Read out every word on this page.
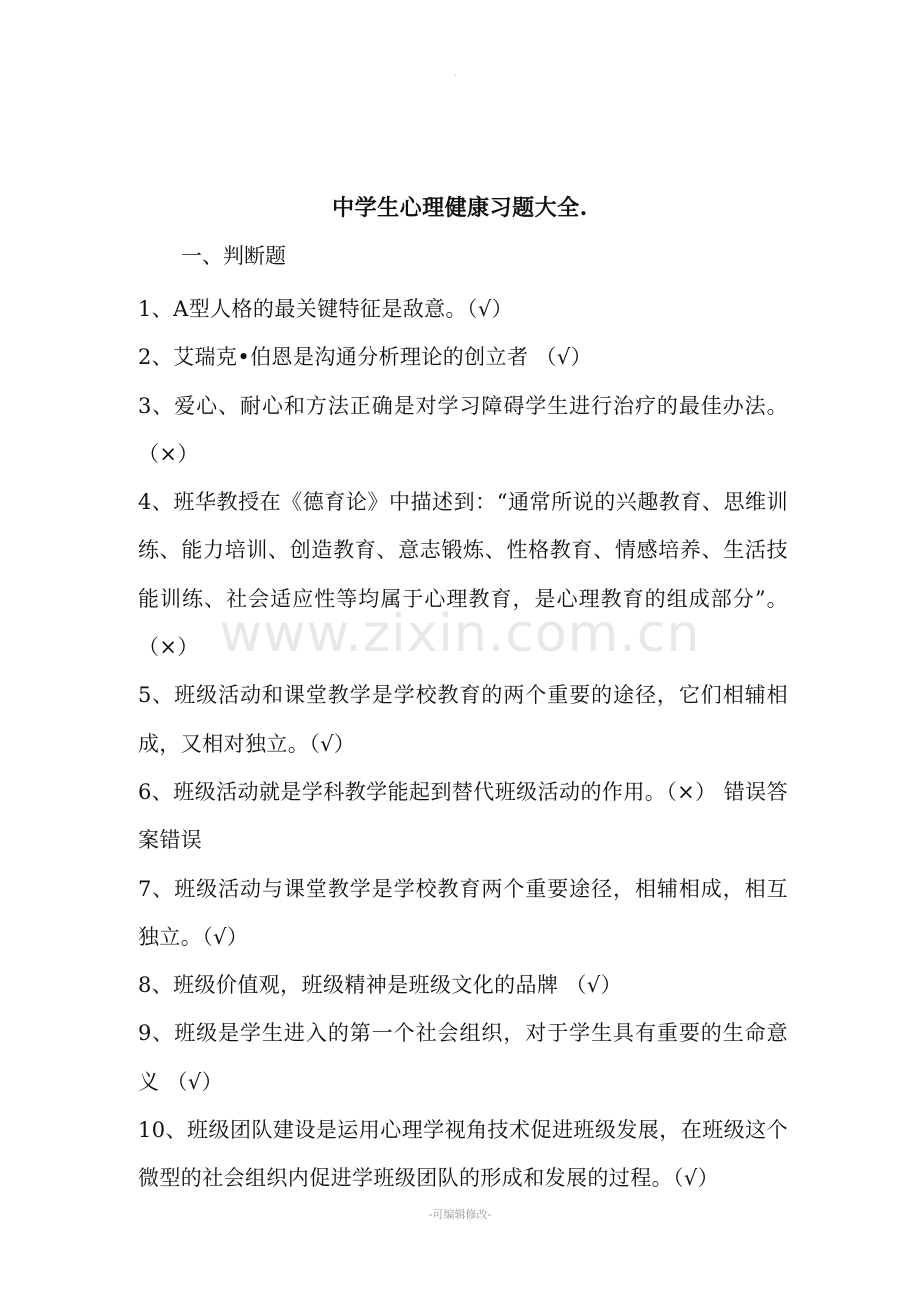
·
中学生心理健康习题大全.
一、判断题

1、A型人格的最关键特征是敌意。（√）

2、艾瑞克•伯恩是沟通分析理论的创立者 （√）

3、爱心、耐心和方法正确是对学习障碍学生进行治疗的最佳办法。（×）

4、班华教授在《德育论》中描述到：“通常所说的兴趣教育、思维训练、能力培训、创造教育、意志锻炼、性格教育、情感培养、生活技能训练、社会适应性等均属于心理教育，是心理教育的组成部分”。（×）

5、班级活动和课堂教学是学校教育的两个重要的途径，它们相辅相成，又相对独立。（√）

6、班级活动就是学科教学能起到替代班级活动的作用。（×） 错误答案错误

7、班级活动与课堂教学是学校教育两个重要途径，相辅相成，相互独立。（√）

8、班级价值观，班级精神是班级文化的品牌 （√）

9、班级是学生进入的第一个社会组织，对于学生具有重要的生命意义 （√）

10、班级团队建设是运用心理学视角技术促进班级发展，在班级这个微型的社会组织内促进学班级团队的形成和发展的过程。（√）

www.zixin.com.cn
-可编辑修改-
